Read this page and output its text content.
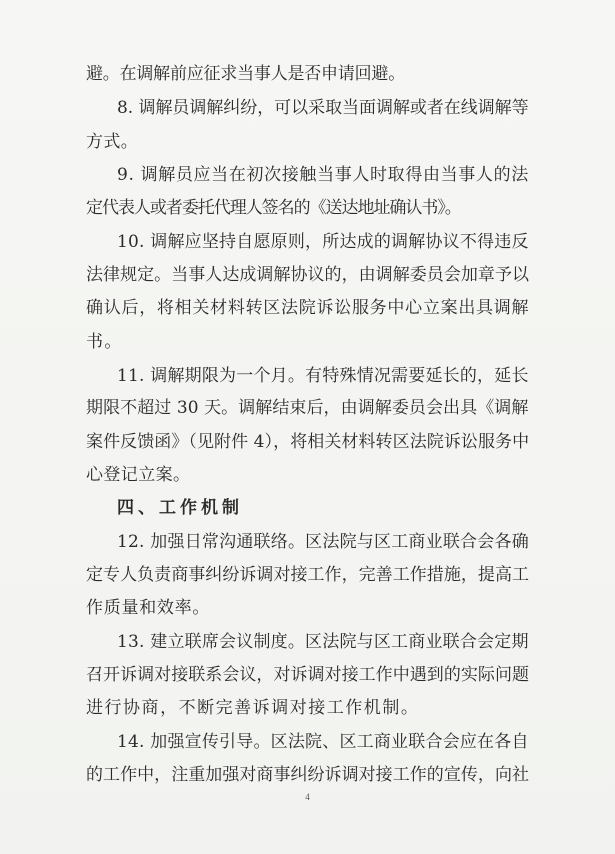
避。在调解前应征求当事人是否申请回避。
8. 调解员调解纠纷，可以采取当面调解或者在线调解等
方式。
9. 调解员应当在初次接触当事人时取得由当事人的法
定代表人或者委托代理人签名的《送达地址确认书》。
10. 调解应坚持自愿原则，所达成的调解协议不得违反
法律规定。当事人达成调解协议的，由调解委员会加章予以
确认后，将相关材料转区法院诉讼服务中心立案出具调解
书。
11. 调解期限为一个月。有特殊情况需要延长的，延长
期限不超过 30 天。调解结束后，由调解委员会出具《调解
案件反馈函》（见附件 4），将相关材料转区法院诉讼服务中
心登记立案。
四、工作机制
12. 加强日常沟通联络。区法院与区工商业联合会各确
定专人负责商事纠纷诉调对接工作，完善工作措施，提高工
作质量和效率。
13. 建立联席会议制度。区法院与区工商业联合会定期
召开诉调对接联系会议，对诉调对接工作中遇到的实际问题
进行协商，不断完善诉调对接工作机制。
14. 加强宣传引导。区法院、区工商业联合会应在各自
的工作中，注重加强对商事纠纷诉调对接工作的宣传，向社
4
